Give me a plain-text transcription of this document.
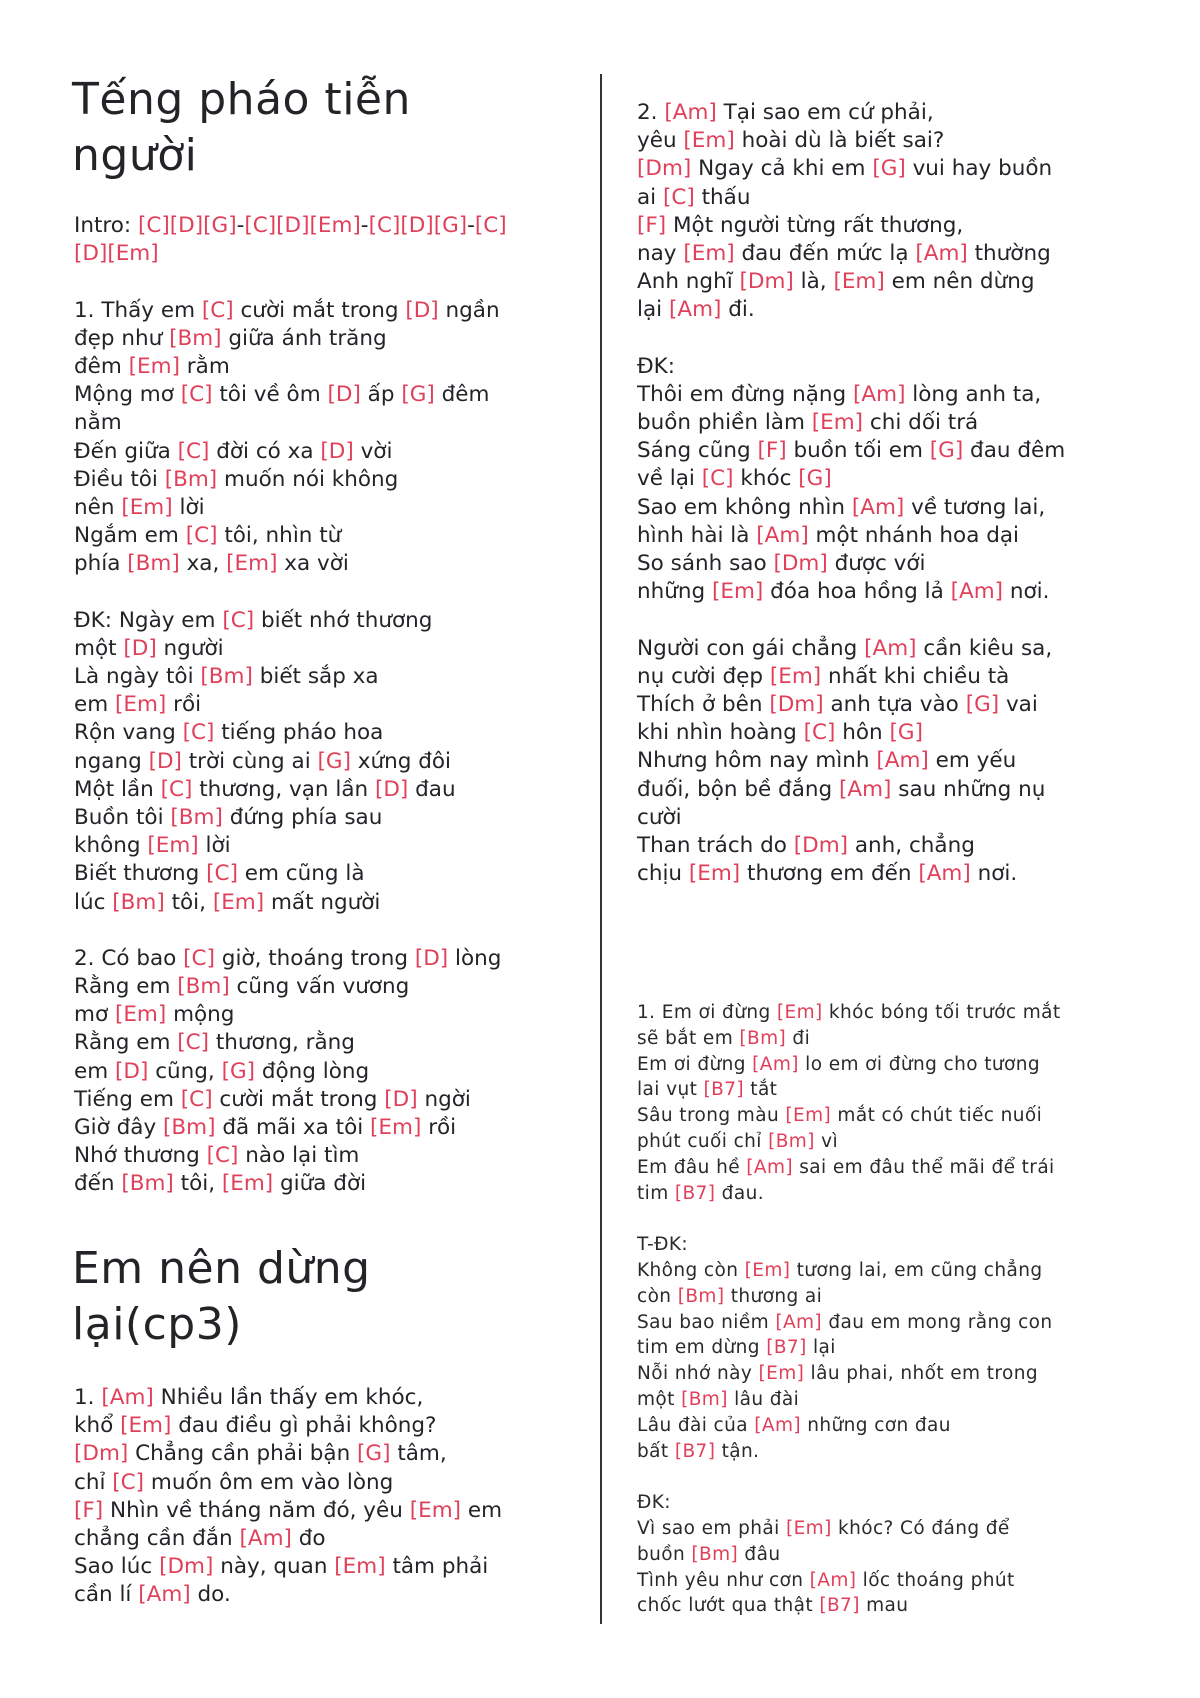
Tếng pháo tiễn người
Intro: [C][D][G]-[C][D][Em]-[C][D][G]-[C]
[D][Em]
1. Thấy em [C] cười mắt trong [D] ngần
đẹp như [Bm] giữa ánh trăng
đêm [Em] rằm
Mộng mơ [C] tôi về ôm [D] ấp [G] đêm
nằm
Đến giữa [C] đời có xa [D] vời
Điều tôi [Bm] muốn nói không
nên [Em] lời
Ngắm em [C] tôi, nhìn từ
phía [Bm] xa, [Em] xa vời
ĐK: Ngày em [C] biết nhớ thương
một [D] người
Là ngày tôi [Bm] biết sắp xa
em [Em] rồi
Rộn vang [C] tiếng pháo hoa
ngang [D] trời cùng ai [G] xứng đôi
Một lần [C] thương, vạn lần [D] đau
Buồn tôi [Bm] đứng phía sau
không [Em] lời
Biết thương [C] em cũng là
lúc [Bm] tôi, [Em] mất người
2. Có bao [C] giờ, thoáng trong [D] lòng
Rằng em [Bm] cũng vấn vương
mơ [Em] mộng
Rằng em [C] thương, rằng
em [D] cũng, [G] động lòng
Tiếng em [C] cười mắt trong [D] ngời
Giờ đây [Bm] đã mãi xa tôi [Em] rồi
Nhớ thương [C] nào lại tìm
đến [Bm] tôi, [Em] giữa đời
Em nên dừng lại(cp3)
1. [Am] Nhiều lần thấy em khóc,
khổ [Em] đau điều gì phải không?
[Dm] Chẳng cần phải bận [G] tâm,
chỉ [C] muốn ôm em vào lòng
[F] Nhìn về tháng năm đó, yêu [Em] em
chẳng cần đắn [Am] đo
Sao lúc [Dm] này, quan [Em] tâm phải
cần lí [Am] do.
2. [Am] Tại sao em cứ phải,
yêu [Em] hoài dù là biết sai?
[Dm] Ngay cả khi em [G] vui hay buồn
ai [C] thấu
[F] Một người từng rất thương,
nay [Em] đau đến mức lạ [Am] thường
Anh nghĩ [Dm] là, [Em] em nên dừng
lại [Am] đi.
ĐK:
Thôi em đừng nặng [Am] lòng anh ta,
buồn phiền làm [Em] chi dối trá
Sáng cũng [F] buồn tối em [G] đau đêm
về lại [C] khóc [G]
Sao em không nhìn [Am] về tương lai,
hình hài là [Am] một nhánh hoa dại
So sánh sao [Dm] được với
những [Em] đóa hoa hồng lả [Am] nơi.
Người con gái chẳng [Am] cần kiêu sa,
nụ cười đẹp [Em] nhất khi chiều tà
Thích ở bên [Dm] anh tựa vào [G] vai
khi nhìn hoàng [C] hôn [G]
Nhưng hôm nay mình [Am] em yếu
đuối, bộn bề đắng [Am] sau những nụ
cười
Than trách do [Dm] anh, chẳng
chịu [Em] thương em đến [Am] nơi.
1. Em ơi đừng [Em] khóc bóng tối trước mắt
sẽ bắt em [Bm] đi
Em ơi đừng [Am] lo em ơi đừng cho tương
lai vụt [B7] tắt
Sâu trong màu [Em] mắt có chút tiếc nuối
phút cuối chỉ [Bm] vì
Em đâu hề [Am] sai em đâu thể mãi để trái
tim [B7] đau.
T-ĐK:
Không còn [Em] tương lai, em cũng chẳng
còn [Bm] thương ai
Sau bao niềm [Am] đau em mong rằng con
tim em dừng [B7] lại
Nỗi nhớ này [Em] lâu phai, nhốt em trong
một [Bm] lâu đài
Lâu đài của [Am] những cơn đau
bất [B7] tận.
ĐK:
Vì sao em phải [Em] khóc? Có đáng để
buồn [Bm] đâu
Tình yêu như cơn [Am] lốc thoáng phút
chốc lướt qua thật [B7] mau
